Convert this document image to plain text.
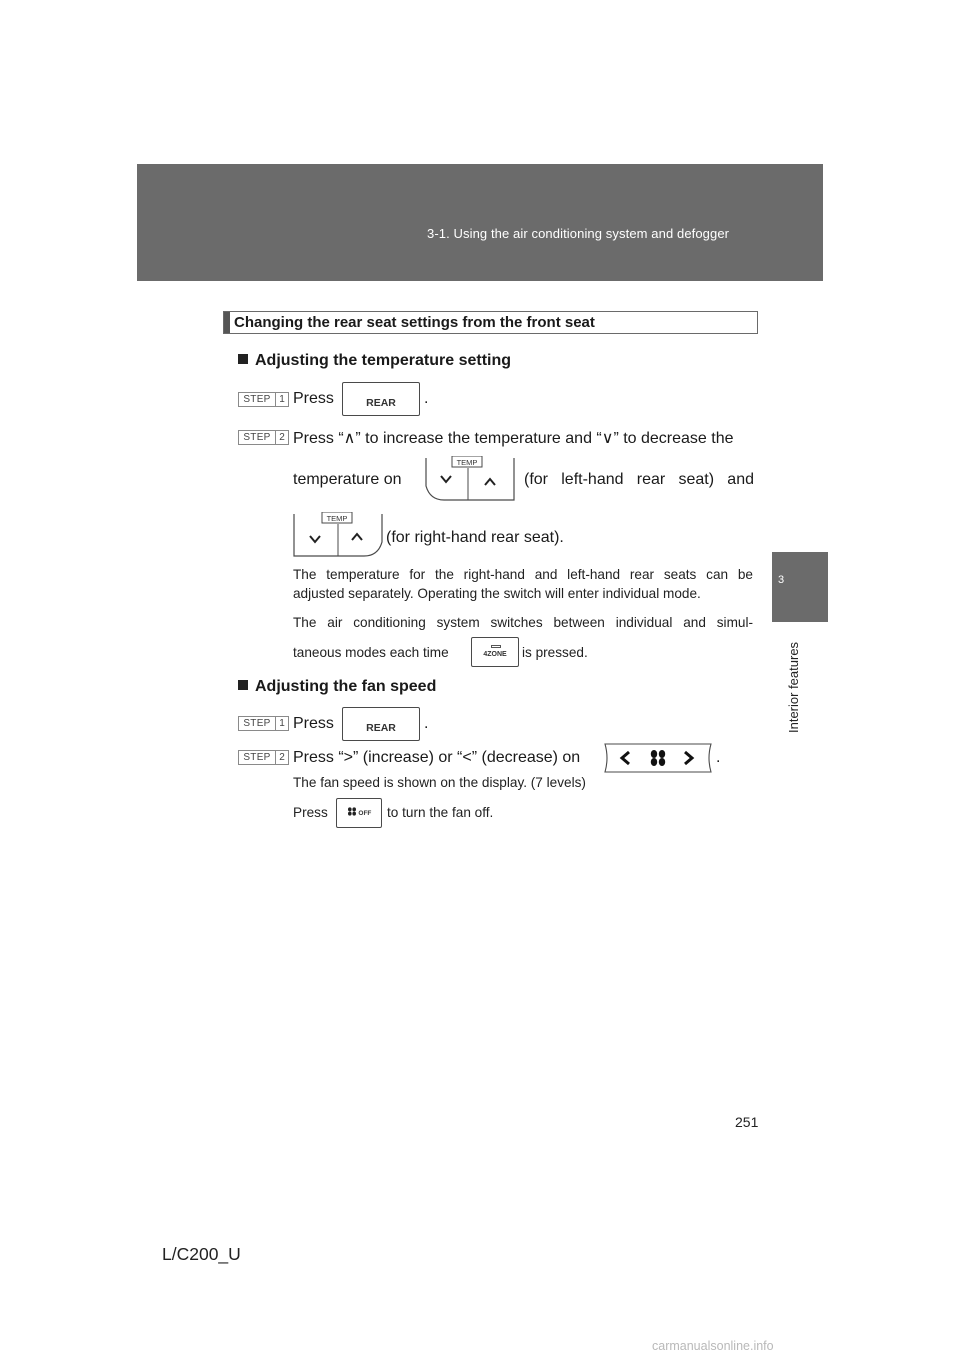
3-1. Using the air conditioning system and defogger
3
Interior features
Changing the rear seat settings from the front seat
Adjusting the temperature setting
STEP 1 Press	REAR	.
STEP 2 Press “∧” to increase the temperature and “∨” to decrease the
temperature on
TEMP
(for left-hand rear seat) and
TEMP
(for right-hand rear seat).
The temperature for the right-hand and left-hand rear seats can be
adjusted separately. Operating the switch will enter individual mode.
The air conditioning system switches between individual and simul-
taneous modes each time	4ZONE	is pressed.
Adjusting the fan speed
STEP 1 Press	REAR	.
STEP 2 Press “>” (increase) or “<” (decrease) on	.
The fan speed is shown on the display. (7 levels)
Press	OFF	to turn the fan off.
251
L/C200_U
carmanualsonline.info
